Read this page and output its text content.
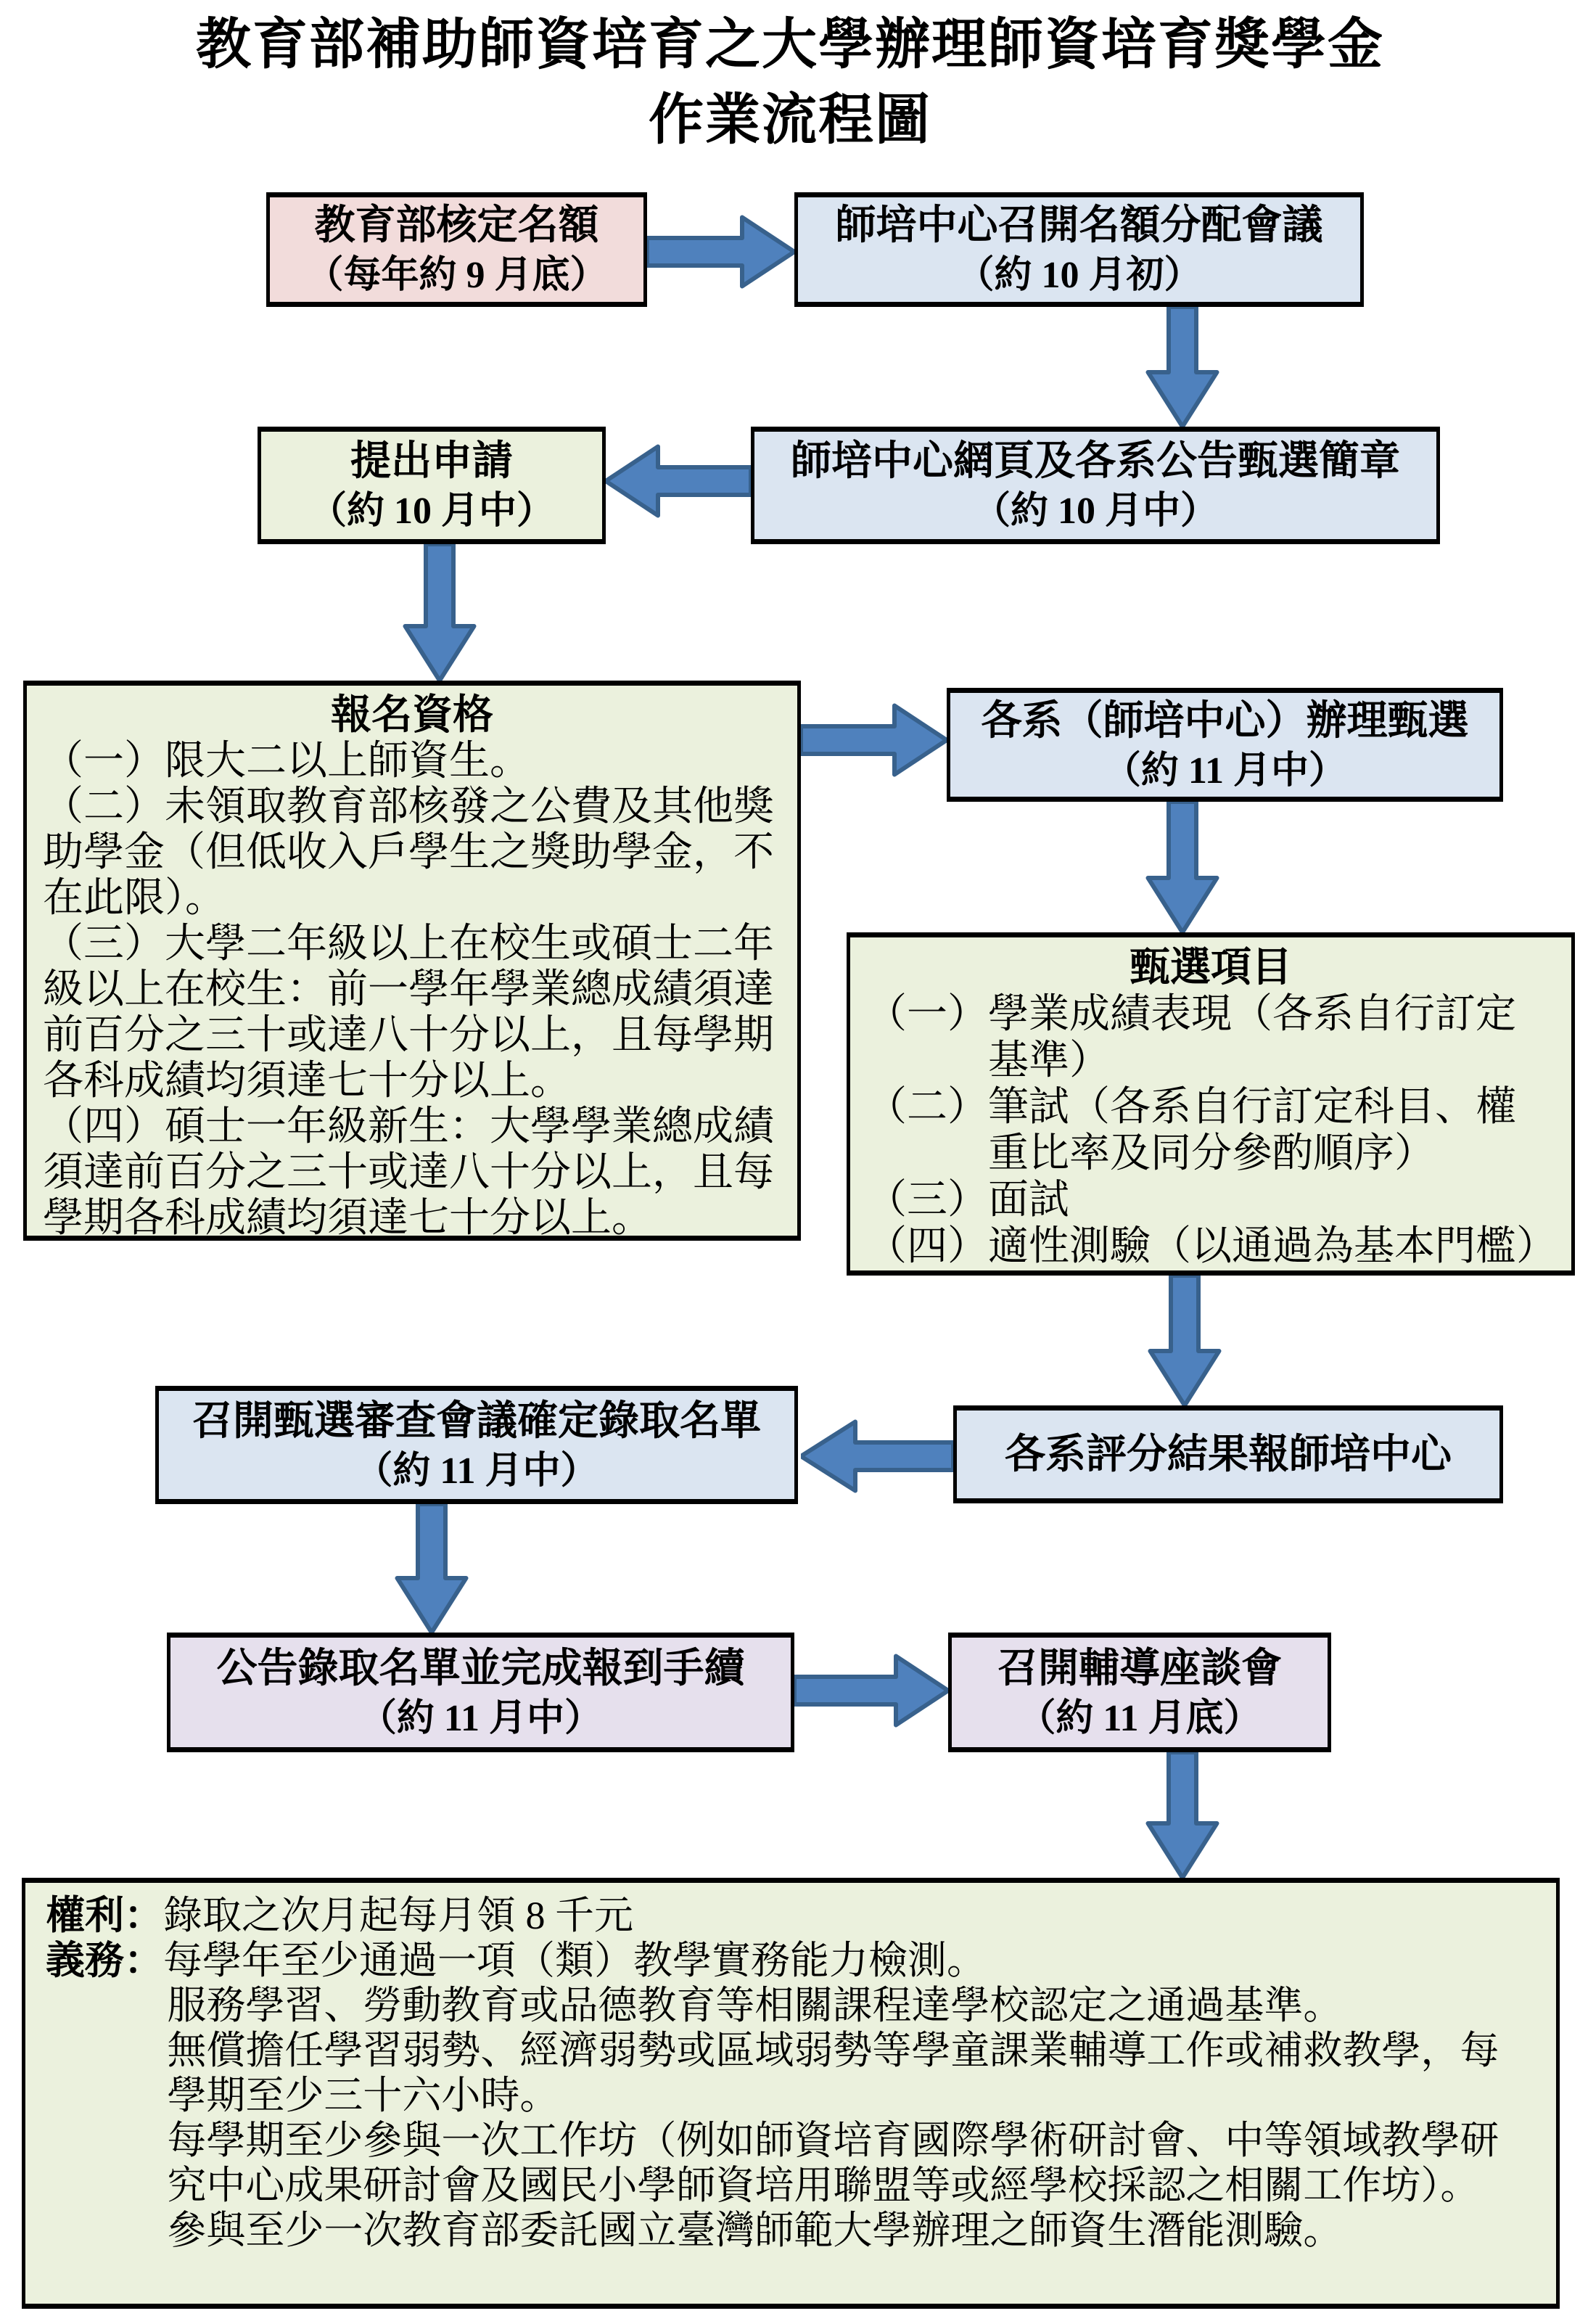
教育部補助師資培育之大學辦理師資培育獎學金
作業流程圖
教育部核定名額
（每年約 9 月底）
師培中心召開名額分配會議
（約 10 月初）
提出申請
（約 10 月中）
師培中心網頁及各系公告甄選簡章
（約 10 月中）
報名資格
（一）限大二以上師資生。
（二）未領取教育部核發之公費及其他獎助學金（但低收入戶學生之獎助學金，不在此限）。
（三）大學二年級以上在校生或碩士二年級以上在校生：前一學年學業總成績須達前百分之三十或達八十分以上，且每學期各科成績均須達七十分以上。
（四）碩士一年級新生：大學學業總成績須達前百分之三十或達八十分以上，且每學期各科成績均須達七十分以上。
各系（師培中心）辦理甄選
（約 11 月中）
甄選項目
（一）學業成績表現（各系自行訂定基準）
（二）筆試（各系自行訂定科目、權重比率及同分參酌順序）
（三）面試
（四）適性測驗（以通過為基本門檻）
各系評分結果報師培中心
召開甄選審查會議確定錄取名單
（約 11 月中）
公告錄取名單並完成報到手續
（約 11 月中）
召開輔導座談會
（約 11 月底）
權利：錄取之次月起每月領 8 千元
義務：每學年至少通過一項（類）教學實務能力檢測。
服務學習、勞動教育或品德教育等相關課程達學校認定之通過基準。
無償擔任學習弱勢、經濟弱勢或區域弱勢等學童課業輔導工作或補救教學，每學期至少三十六小時。
每學期至少參與一次工作坊（例如師資培育國際學術研討會、中等領域教學研究中心成果研討會及國民小學師資培用聯盟等或經學校採認之相關工作坊）。
參與至少一次教育部委託國立臺灣師範大學辦理之師資生潛能測驗。
